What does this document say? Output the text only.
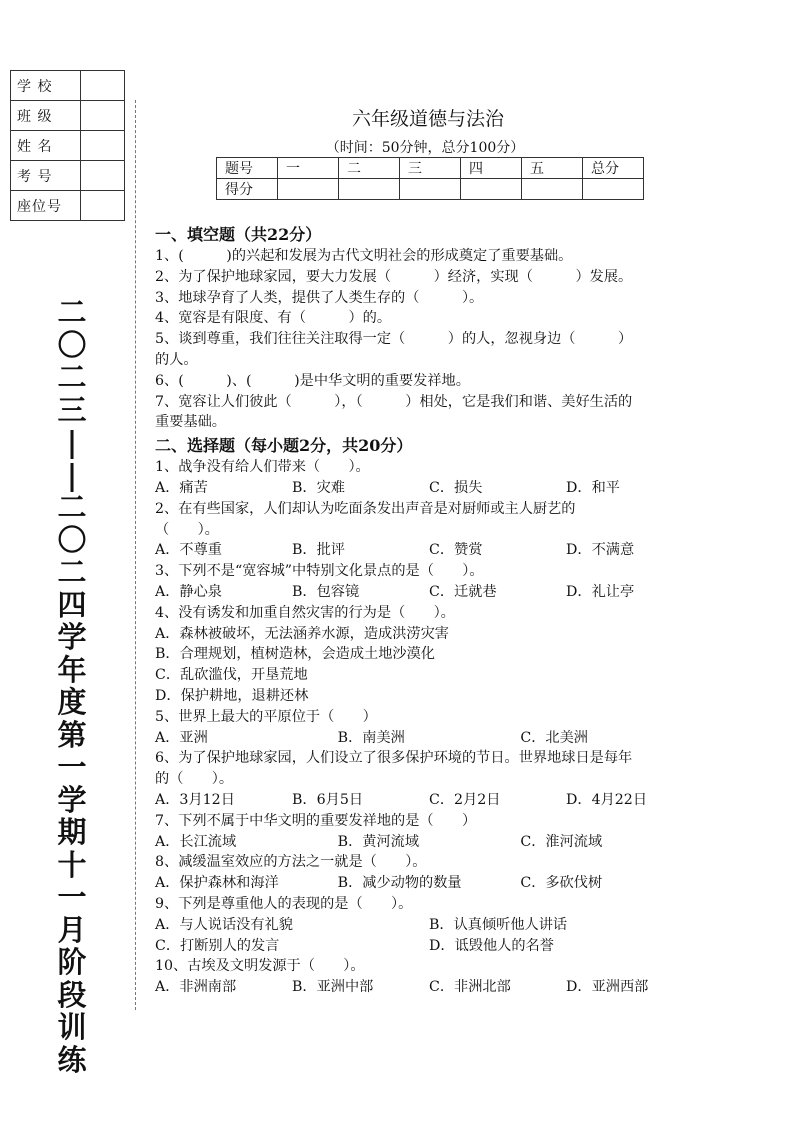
学 校	
班 级	
姓 名	
考 号	
座位号	
二
〇
二
三
|
|
二
〇
二
四
学
年
度
第
一
学
期
十
一
月
阶
段
训
练
六年级道德与法治
（时间：50分钟，总分100分）
题号	一	二	三	四	五	总分
得分						
一、填空题（共22分）
1、(　　　)的兴起和发展为古代文明社会的形成奠定了重要基础。
2、为了保护地球家园，要大力发展（　　　）经济，实现（　　　）发展。
3、地球孕育了人类，提供了人类生存的（　　　）。
4、宽容是有限度、有（　　　）的。
5、谈到尊重，我们往往关注取得一定（　　　）的人，忽视身边（　　　）
的人。
6、(　　　)、(　　　)是中华文明的重要发祥地。
7、宽容让人们彼此（　　　），（　　　）相处，它是我们和谐、美好生活的
重要基础。
二、选择题（每小题2分，共20分）
1、战争没有给人们带来（　　）。
A．痛苦	B．灾难	C．损失	D．和平
2、在有些国家，人们却认为吃面条发出声音是对厨师或主人厨艺的
（　　）。
A．不尊重	B．批评	C．赞赏	D．不满意
3、下列不是“宽容城”中特别文化景点的是（　　）。
A．静心泉	B．包容镜	C．迁就巷	D．礼让亭
4、没有诱发和加重自然灾害的行为是（　　）。
A．森林被破坏，无法涵养水源，造成洪涝灾害
B．合理规划，植树造林，会造成土地沙漠化
C．乱砍滥伐，开垦荒地
D．保护耕地，退耕还林
5、世界上最大的平原位于（　　）
A．亚洲	B．南美洲	C．北美洲
6、为了保护地球家园，人们设立了很多保护环境的节日。世界地球日是每年
的（　　）。
A．3月12日	B．6月5日	C．2月2日	D．4月22日
7、下列不属于中华文明的重要发祥地的是（　　）
A．长江流域	B．黄河流域	C．淮河流域
8、减缓温室效应的方法之一就是（　　）。
A．保护森林和海洋	B．减少动物的数量	C．多砍伐树
9、下列是尊重他人的表现的是（　　）。
A．与人说话没有礼貌	B．认真倾听他人讲话
C．打断别人的发言	D．诋毁他人的名誉
10、古埃及文明发源于（　　）。
A．非洲南部	B．亚洲中部	C．非洲北部	D．亚洲西部
